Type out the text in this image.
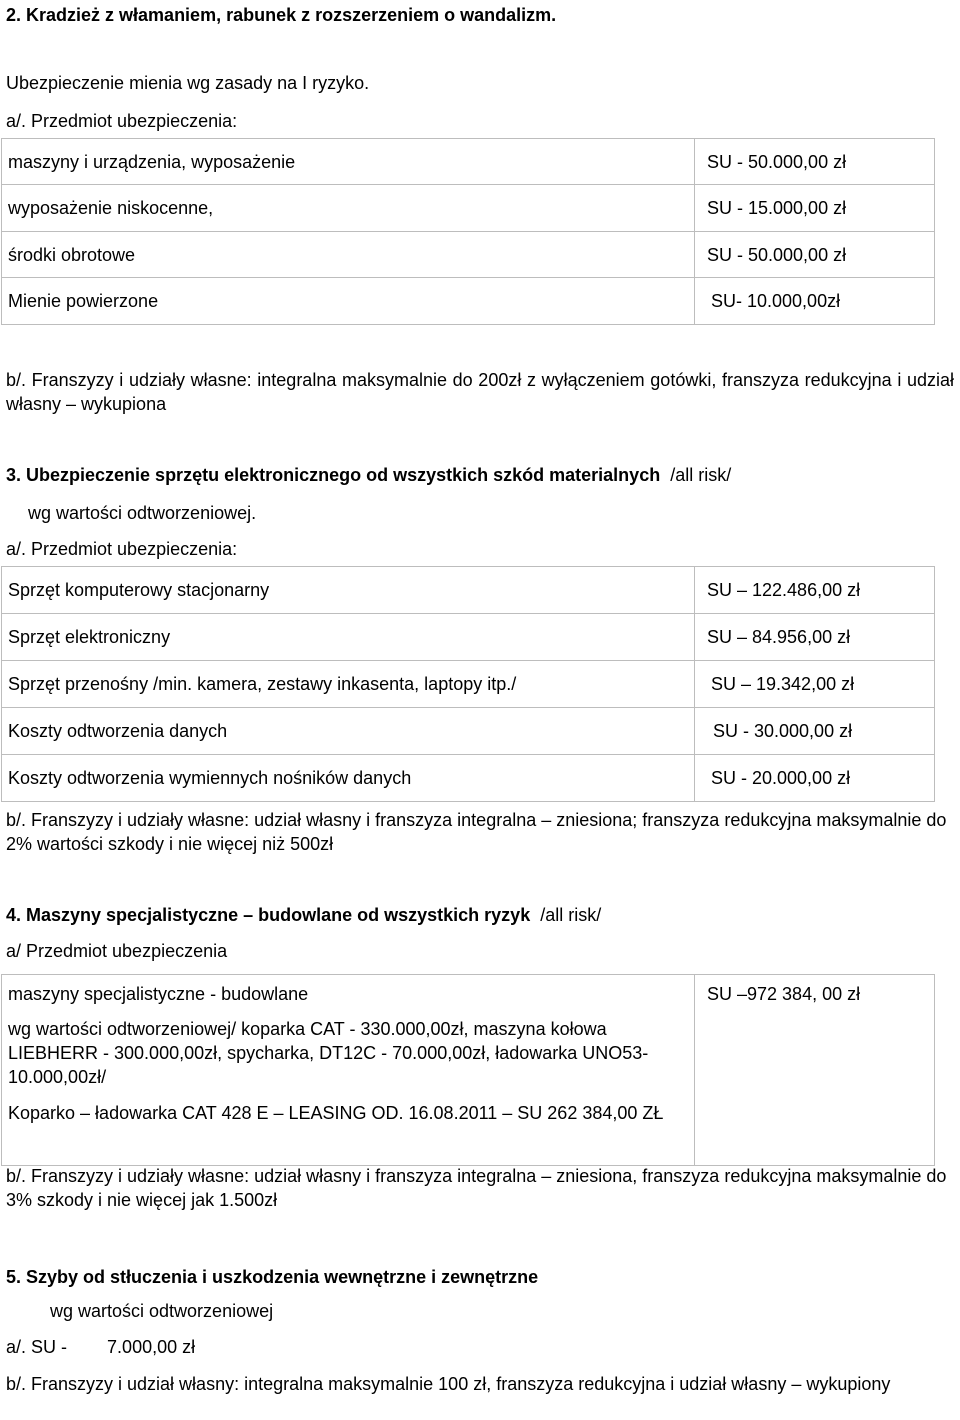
2. Kradzież z włamaniem, rabunek z rozszerzeniem o wandalizm.
Ubezpieczenie mienia wg zasady na I ryzyko.
a/. Przedmiot ubezpieczenia:
maszyny i urządzenia, wyposażenie	SU - 50.000,00 zł
wyposażenie niskocenne,	SU - 15.000,00 zł
środki obrotowe	SU - 50.000,00 zł
Mienie powierzone	SU- 10.000,00zł
b/. Franszyzy i udziały własne: integralna maksymalnie do 200zł z wyłączeniem gotówki, franszyza redukcyjna i udział własny – wykupiona
3. Ubezpieczenie sprzętu elektronicznego od wszystkich szkód materialnych /all risk/
wg wartości odtworzeniowej.
a/. Przedmiot ubezpieczenia:
Sprzęt komputerowy stacjonarny	SU – 122.486,00 zł
Sprzęt elektroniczny	SU – 84.956,00 zł
Sprzęt przenośny /min. kamera, zestawy inkasenta, laptopy itp./	SU – 19.342,00 zł
Koszty odtworzenia danych	SU - 30.000,00 zł
Koszty odtworzenia wymiennych nośników danych	SU - 20.000,00 zł
b/. Franszyzy i udziały własne: udział własny i franszyza integralna – zniesiona; franszyza redukcyjna maksymalnie do 2% wartości szkody i nie więcej niż 500zł
4. Maszyny specjalistyczne – budowlane od wszystkich ryzyk /all risk/
a/ Przedmiot ubezpieczenia
maszyny specjalistyczne - budowlane
wg wartości odtworzeniowej/ koparka CAT - 330.000,00zł, maszyna kołowa LIEBHERR - 300.000,00zł, spycharka, DT12C - 70.000,00zł, ładowarka UNO53-10.000,00zł/
Koparko – ładowarka CAT 428 E – LEASING OD. 16.08.2011 – SU 262 384,00 ZŁ
	SU –972 384, 00 zł
b/. Franszyzy i udziały własne: udział własny i franszyza integralna – zniesiona, franszyza redukcyjna maksymalnie do 3% szkody i nie więcej jak 1.500zł
5. Szyby od stłuczenia i uszkodzenia wewnętrzne i zewnętrzne
wg wartości odtworzeniowej
a/. SU - 7.000,00 zł
b/. Franszyzy i udział własny: integralna maksymalnie 100 zł, franszyza redukcyjna i udział własny – wykupiony
